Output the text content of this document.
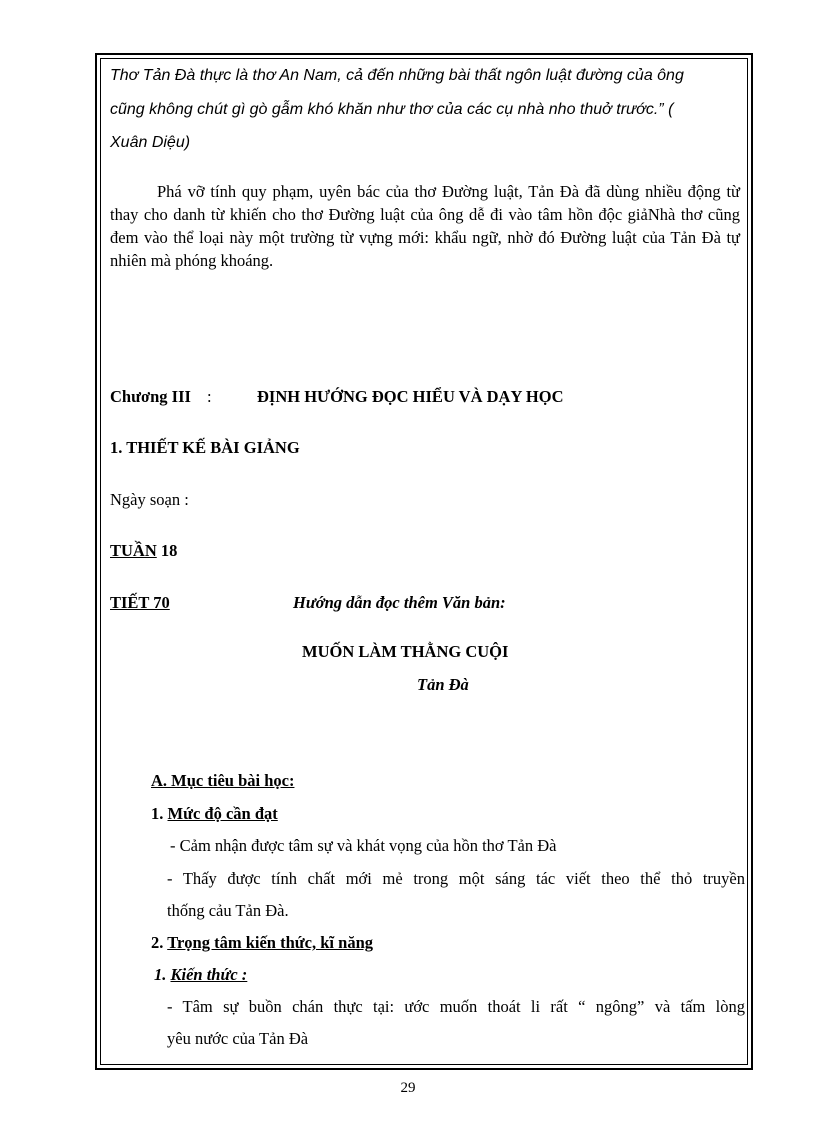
Thơ Tản Đà thực là thơ An Nam, cả đến những bài thất ngôn luật đường của ông
cũng không chút gì gò gẫm khó khăn như thơ của các cụ nhà nho thuở trước.” (
Xuân Diệu)
Phá vỡ tính quy phạm, uyên bác của thơ Đường luật, Tản Đà đã dùng nhiều động từ thay cho danh từ khiến cho thơ Đường luật của ông dễ đi vào tâm hồn độc giảNhà thơ cũng đem vào thể loại này một trường từ vựng mới: khẩu ngữ, nhờ đó Đường luật của Tản Đà tự nhiên mà phóng khoáng.
Chương III :	ĐỊNH HƯỚNG ĐỌC HIỂU VÀ DẠY HỌC
1. THIẾT KẾ BÀI GIẢNG
Ngày soạn :
TUẦN 18
TIẾT 70	Hướng dẫn đọc thêm Văn bản:
MUỐN LÀM THẰNG CUỘI
Tản Đà
A. Mục tiêu bài học:
1. Mức độ cần đạt
- Cảm nhận được tâm sự và khát vọng của hồn thơ Tản Đà
- Thấy được tính chất mới mẻ trong một sáng tác viết theo thể thỏ truyền
thống cảu Tản Đà.
2. Trọng tâm kiến thức, kĩ năng
1. Kiến thức :
- Tâm sự buồn chán thực tại: ước muốn thoát li rất “ ngông” và tấm lòng
yêu nước của Tản Đà
29
